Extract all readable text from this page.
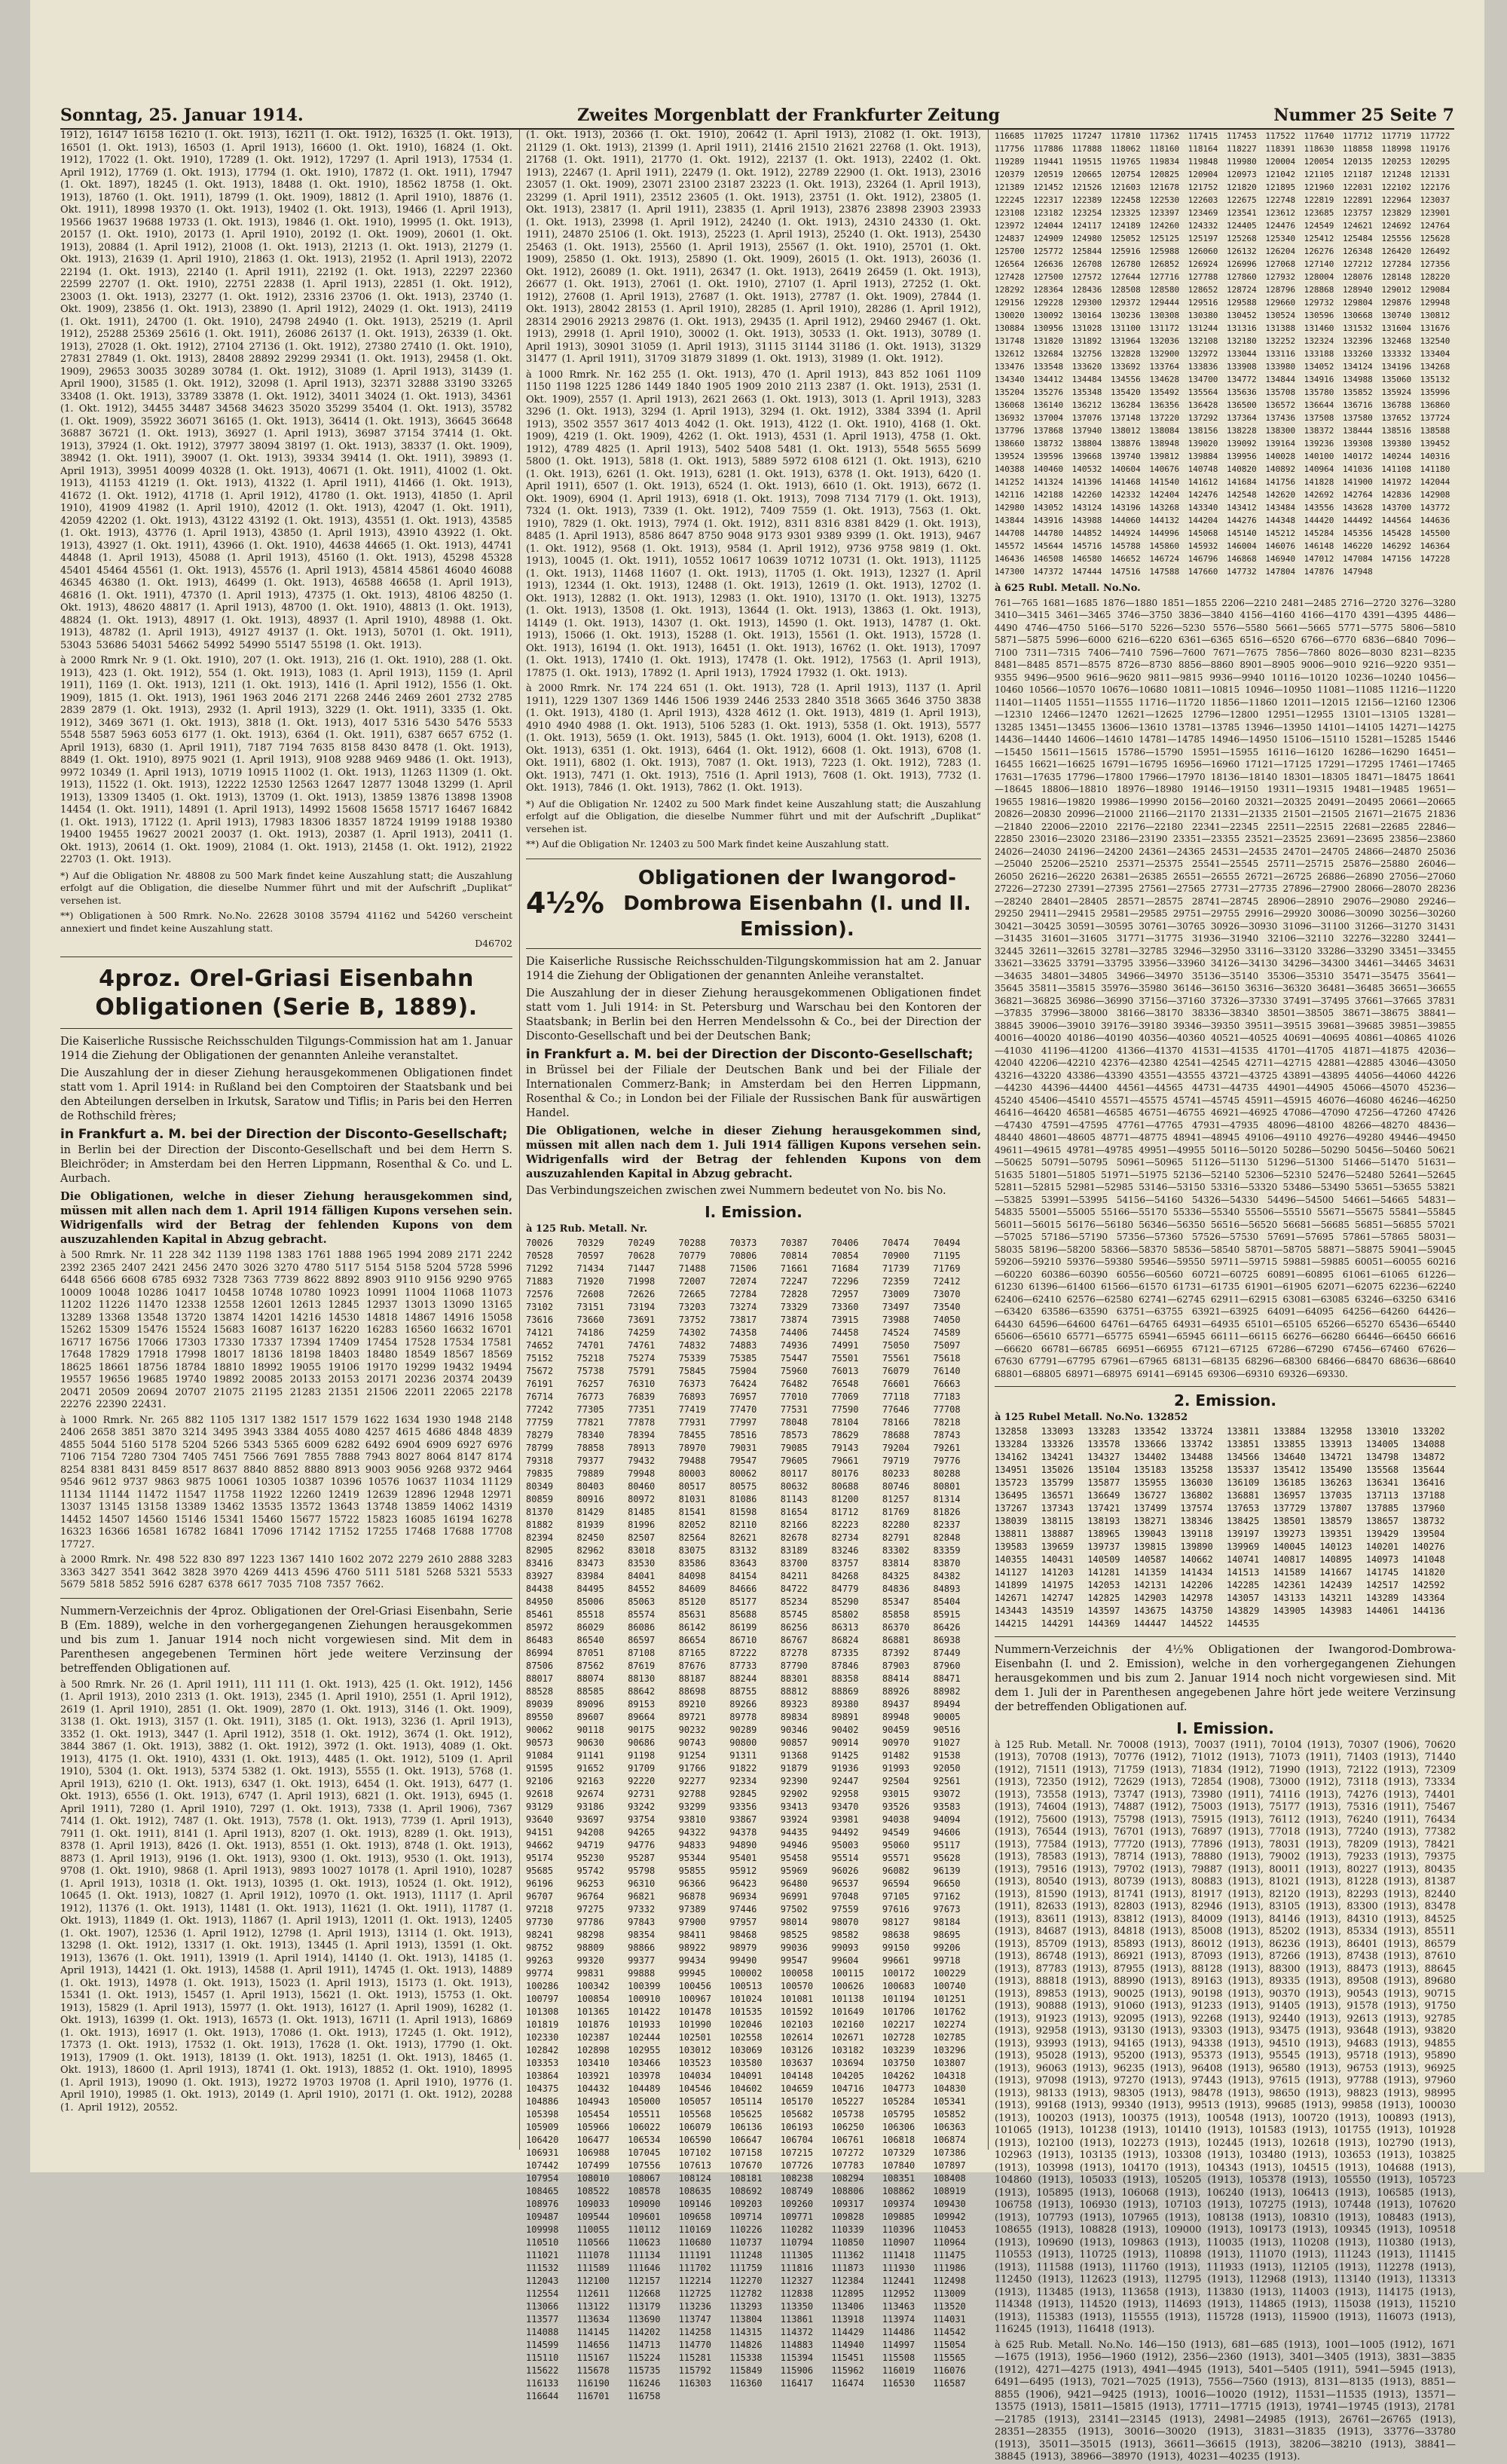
Sonntag, 25. Januar 1914.	Zweites Morgenblatt der Frankfurter Zeitung	Nummer 25 Seite 7

1912), 16147 16158 16210 (1. Okt. 1913), 16211 (1. Okt. 1912), 16325 (1. Okt. 1913), 16501 (1. Okt. 1913), 16503 (1. April 1913), 16600 (1. Okt. 1910), 16824 (1. Okt. 1912), 17022 (1. Okt. 1910), 17289 (1. Okt. 1912), 17297 (1. April 1913), 17534 (1. April 1912), 17769 (1. Okt. 1913), 17794 (1. Okt. 1910), 17872 (1. Okt. 1911), 17947 (1. Okt. 1897), 18245 (1. Okt. 1913), 18488 (1. Okt. 1910), 18562 18758 (1. Okt. 1913), 18760 (1. Okt. 1911), 18799 (1. Okt. 1909), 18812 (1. April 1910), 18876 (1. Okt. 1911), 18998 19370 (1. Okt. 1913), 19402 (1. Okt. 1913), 19466 (1. April 1913), 19566 19637 19688 19733 (1. Okt. 1913), 19846 (1. Okt. 1910), 19995 (1. Okt. 1913), 20157 (1. Okt. 1910), 20173 (1. April 1910), 20192 (1. Okt. 1909), 20601 (1. Okt. 1913), 20884 (1. April 1912), 21008 (1. Okt. 1913), 21213 (1. Okt. 1913), 21279 (1. Okt. 1913), 21639 (1. April 1910), 21863 (1. Okt. 1913), 21952 (1. April 1913), 22072 22194 (1. Okt. 1913), 22140 (1. April 1911), 22192 (1. Okt. 1913), 22297 22360 22599 22707 (1. Okt. 1910), 22751 22838 (1. April 1913), 22851 (1. Okt. 1912), 23003 (1. Okt. 1913), 23277 (1. Okt. 1912), 23316 23706 (1. Okt. 1913), 23740 (1. Okt. 1909), 23856 (1. Okt. 1913), 23890 (1. April 1912), 24029 (1. Okt. 1913), 24119 (1. Okt. 1911), 24700 (1. Okt. 1910), 24798 24940 (1. Okt. 1913), 25219 (1. April 1912), 25288 25369 25616 (1. Okt. 1911), 26086 26137 (1. Okt. 1913), 26339 (1. Okt. 1913), 27028 (1. Okt. 1912), 27104 27136 (1. Okt. 1912), 27380 27410 (1. Okt. 1910), 27831 27849 (1. Okt. 1913), 28408 28892 29299 29341 (1. Okt. 1913), 29458 (1. Okt. 1909), 29653 30035 30289 30784 (1. Okt. 1912), 31089 (1. April 1913), 31439 (1. April 1900), 31585 (1. Okt. 1912), 32098 (1. April 1913), 32371 32888 33190 33265 33408 (1. Okt. 1913), 33789 33878 (1. Okt. 1912), 34011 34024 (1. Okt. 1913), 34361 (1. Okt. 1912), 34455 34487 34568 34623 35020 35299 35404 (1. Okt. 1913), 35782 (1. Okt. 1909), 35922 36071 36165 (1. Okt. 1913), 36414 (1. Okt. 1913), 36645 36648 36887 36721 (1. Okt. 1913), 36927 (1. April 1913), 36987 37154 37414 (1. Okt. 1913), 37924 (1. Okt. 1912), 37977 38094 38197 (1. Okt. 1913), 38337 (1. Okt. 1909), 38942 (1. Okt. 1911), 39007 (1. Okt. 1913), 39334 39414 (1. Okt. 1911), 39893 (1. April 1913), 39951 40099 40328 (1. Okt. 1913), 40671 (1. Okt. 1911), 41002 (1. Okt. 1913), 41153 41219 (1. Okt. 1913), 41322 (1. April 1911), 41466 (1. Okt. 1913), 41672 (1. Okt. 1912), 41718 (1. April 1912), 41780 (1. Okt. 1913), 41850 (1. April 1910), 41909 41982 (1. April 1910), 42012 (1. Okt. 1913), 42047 (1. Okt. 1911), 42059 42202 (1. Okt. 1913), 43122 43192 (1. Okt. 1913), 43551 (1. Okt. 1913), 43585 (1. Okt. 1913), 43776 (1. April 1913), 43850 (1. April 1913), 43910 43922 (1. Okt. 1913), 43927 (1. Okt. 1911), 43966 (1. Okt. 1910), 44638 44665 (1. Okt. 1913), 44741 44848 (1. April 1913), 45088 (1. April 1913), 45160 (1. Okt. 1913), 45298 45328 45401 45464 45561 (1. Okt. 1913), 45576 (1. April 1913), 45814 45861 46040 46088 46345 46380 (1. Okt. 1913), 46499 (1. Okt. 1913), 46588 46658 (1. April 1913), 46816 (1. Okt. 1911), 47370 (1. April 1913), 47375 (1. Okt. 1913), 48106 48250 (1. Okt. 1913), 48620 48817 (1. April 1913), 48700 (1. Okt. 1910), 48813 (1. Okt. 1913), 48824 (1. Okt. 1913), 48917 (1. Okt. 1913), 48937 (1. April 1910), 48988 (1. Okt. 1913), 48782 (1. April 1913), 49127 49137 (1. Okt. 1913), 50701 (1. Okt. 1911), 53043 53686 54031 54662 54992 54990 55147 55198 (1. Okt. 1913).

à 2000 Rmrk Nr. 9 (1. Okt. 1910), 207 (1. Okt. 1913), 216 (1. Okt. 1910), 288 (1. Okt. 1913), 423 (1. Okt. 1912), 554 (1. Okt. 1913), 1083 (1. April 1913), 1159 (1. April 1911), 1169 (1. Okt. 1913), 1211 (1. Okt. 1913), 1416 (1. April 1912), 1556 (1. Okt. 1909), 1815 (1. Okt. 1913), 1961 1963 2046 2171 2268 2446 2469 2601 2732 2785 2839 2879 (1. Okt. 1913), 2932 (1. April 1913), 3229 (1. Okt. 1911), 3335 (1. Okt. 1912), 3469 3671 (1. Okt. 1913), 3818 (1. Okt. 1913), 4017 5316 5430 5476 5533 5548 5587 5963 6053 6177 (1. Okt. 1913), 6364 (1. Okt. 1911), 6387 6657 6752 (1. April 1913), 6830 (1. April 1911), 7187 7194 7635 8158 8430 8478 (1. Okt. 1913), 8849 (1. Okt. 1910), 8975 9021 (1. April 1913), 9108 9288 9469 9486 (1. Okt. 1913), 9972 10349 (1. April 1913), 10719 10915 11002 (1. Okt. 1913), 11263 11309 (1. Okt. 1913), 11522 (1. Okt. 1913), 12222 12530 12563 12647 12877 13048 13299 (1. April 1913), 13309 13405 (1. Okt. 1913), 13709 (1. Okt. 1913), 13859 13876 13898 13908 14454 (1. Okt. 1911), 14891 (1. April 1913), 14992 15608 15658 15717 16467 16842 (1. Okt. 1913), 17122 (1. April 1913), 17983 18306 18357 18724 19199 19188 19380 19400 19455 19627 20021 20037 (1. Okt. 1913), 20387 (1. April 1913), 20411 (1. Okt. 1913), 20614 (1. Okt. 1909), 21084 (1. Okt. 1913), 21458 (1. Okt. 1912), 21922 22703 (1. Okt. 1913).

*) Auf die Obligation Nr. 48808 zu 500 Mark findet keine Auszahlung statt; die Auszahlung erfolgt auf die Obligation, die dieselbe Nummer führt und mit der Aufschrift „Duplikat“ versehen ist.

**) Obligationen à 500 Rmrk. No.No. 22628 30108 35794 41162 und 54260 verscheint annexiert und findet keine Auszahlung statt.

D46702

4proz. Orel-Griasi Eisenbahn Obligationen (Serie B, 1889).

Die Kaiserliche Russische Reichsschulden Tilgungs-Commission hat am 1. Januar 1914 die Ziehung der Obligationen der genannten Anleihe veranstaltet.

Die Auszahlung der in dieser Ziehung herausgekommenen Obligationen findet statt vom 1. April 1914: in Rußland bei den Comptoiren der Staatsbank und bei den Abteilungen derselben in Irkutsk, Saratow und Tiflis; in Paris bei den Herren de Rothschild frères;

in Frankfurt a. M. bei der Direction der Disconto-Gesellschaft;

in Berlin bei der Direction der Disconto-Gesellschaft und bei dem Herrn S. Bleichröder; in Amsterdam bei den Herren Lippmann, Rosenthal & Co. und L. Aurbach.

Die Obligationen, welche in dieser Ziehung herausgekommen sind, müssen mit allen nach dem 1. April 1914 fälligen Kupons versehen sein. Widrigenfalls wird der Betrag der fehlenden Kupons von dem auszuzahlenden Kapital in Abzug gebracht.

à 500 Rmrk. Nr. 11 228 342 1139 1198 1383 1761 1888 1965 1994 2089 2171 2242 2392 2365 2407 2421 2456 2470 3026 3270 4780 5117 5154 5158 5204 5728 5996 6448 6566 6608 6785 6932 7328 7363 7739 8622 8892 8903 9110 9156 9290 9765 10009 10048 10286 10417 10458 10748 10780 10923 10991 11004 11068 11073 11202 11226 11470 12338 12558 12601 12613 12845 12937 13013 13090 13165 13289 13368 13548 13720 13874 14201 14216 14530 14818 14867 14916 15058 15262 15309 15476 15524 15683 16087 16137 16220 16283 16560 16632 16701 16717 16756 17066 17303 17330 17337 17394 17409 17454 17528 17534 17581 17648 17829 17918 17998 18017 18136 18198 18403 18480 18549 18567 18569 18625 18661 18756 18784 18810 18992 19055 19106 19170 19299 19432 19494 19557 19656 19685 19740 19892 20085 20133 20153 20171 20236 20374 20439 20471 20509 20694 20707 21075 21195 21283 21351 21506 22011 22065 22178 22276 22390 22431.

à 1000 Rmrk. Nr. 265 882 1105 1317 1382 1517 1579 1622 1634 1930 1948 2148 2406 2658 3851 3870 3214 3495 3943 3384 4055 4080 4257 4615 4686 4848 4839 4855 5044 5160 5178 5204 5266 5343 5365 6009 6282 6492 6904 6909 6927 6976 7106 7154 7280 7304 7405 7451 7566 7691 7855 7888 7943 8027 8064 8147 8174 8254 8381 8431 8459 8517 8637 8840 8852 8880 8913 9003 9056 9268 9372 9464 9546 9612 9737 9863 9875 10061 10305 10387 10396 10576 10637 11034 11129 11134 11144 11472 11547 11758 11922 12260 12419 12639 12896 12948 12971 13037 13145 13158 13389 13462 13535 13572 13643 13748 13859 14062 14319 14452 14507 14560 15146 15341 15460 15677 15722 15823 16085 16194 16278 16323 16366 16581 16782 16841 17096 17142 17152 17255 17468 17688 17708 17727.

à 2000 Rmrk. Nr. 498 522 830 897 1223 1367 1410 1602 2072 2279 2610 2888 3283 3363 3427 3541 3642 3828 3970 4269 4413 4596 4760 5111 5181 5268 5321 5533 5679 5818 5852 5916 6287 6378 6617 7035 7108 7357 7662.

Nummern-Verzeichnis der 4proz. Obligationen der Orel-Griasi Eisenbahn, Serie B (Em. 1889), welche in den vorhergegangenen Ziehungen herausgekommen und bis zum 1. Januar 1914 noch nicht vorgewiesen sind. Mit dem in Parenthesen angegebenen Terminen hört jede weitere Verzinsung der betreffenden Obligationen auf.

à 500 Rmrk. Nr. 26 (1. April 1911), 111 111 (1. Okt. 1913), 425 (1. Okt. 1912), 1456 (1. April 1913), 2010 2313 (1. Okt. 1913), 2345 (1. April 1910), 2551 (1. April 1912), 2619 (1. April 1910), 2851 (1. Okt. 1909), 2870 (1. Okt. 1913), 3146 (1. Okt. 1909), 3138 (1. Okt. 1913), 3157 (1. Okt. 1911), 3185 (1. Okt. 1913), 3236 (1. April 1913), 3352 (1. Okt. 1913), 3447 (1. April 1912), 3518 (1. Okt. 1912), 3674 (1. Okt. 1912), 3844 3867 (1. Okt. 1913), 3882 (1. Okt. 1912), 3972 (1. Okt. 1913), 4089 (1. Okt. 1913), 4175 (1. Okt. 1910), 4331 (1. Okt. 1913), 4485 (1. Okt. 1912), 5109 (1. April 1910), 5304 (1. Okt. 1913), 5374 5382 (1. Okt. 1913), 5555 (1. Okt. 1913), 5768 (1. April 1913), 6210 (1. Okt. 1913), 6347 (1. Okt. 1913), 6454 (1. Okt. 1913), 6477 (1. Okt. 1913), 6556 (1. Okt. 1913), 6747 (1. April 1913), 6821 (1. Okt. 1913), 6945 (1. April 1911), 7280 (1. April 1910), 7297 (1. Okt. 1913), 7338 (1. April 1906), 7367 7414 (1. Okt. 1912), 7487 (1. Okt. 1913), 7578 (1. Okt. 1913), 7739 (1. April 1913), 7911 (1. Okt. 1911), 8141 (1. April 1913), 8207 (1. Okt. 1913), 8289 (1. Okt. 1913), 8378 (1. April 1913), 8426 (1. Okt. 1913), 8551 (1. Okt. 1913), 8748 (1. Okt. 1913), 8873 (1. April 1913), 9196 (1. Okt. 1913), 9300 (1. Okt. 1913), 9530 (1. Okt. 1913), 9708 (1. Okt. 1910), 9868 (1. April 1913), 9893 10027 10178 (1. April 1910), 10287 (1. April 1913), 10318 (1. Okt. 1913), 10395 (1. Okt. 1913), 10524 (1. Okt. 1912), 10645 (1. Okt. 1913), 10827 (1. April 1912), 10970 (1. Okt. 1913), 11117 (1. April 1912), 11376 (1. Okt. 1913), 11481 (1. Okt. 1913), 11621 (1. Okt. 1911), 11787 (1. Okt. 1913), 11849 (1. Okt. 1913), 11867 (1. April 1913), 12011 (1. Okt. 1913), 12405 (1. Okt. 1907), 12536 (1. April 1912), 12798 (1. April 1913), 13114 (1. Okt. 1913), 13298 (1. Okt. 1912), 13317 (1. Okt. 1913), 13445 (1. April 1913), 13591 (1. Okt. 1913), 13676 (1. Okt. 1911), 13919 (1. April 1914), 14140 (1. Okt. 1913), 14185 (1. April 1913), 14421 (1. Okt. 1913), 14588 (1. April 1911), 14745 (1. Okt. 1913), 14889 (1. Okt. 1913), 14978 (1. Okt. 1913), 15023 (1. April 1913), 15173 (1. Okt. 1913), 15341 (1. Okt. 1913), 15457 (1. April 1913), 15621 (1. Okt. 1913), 15753 (1. Okt. 1913), 15829 (1. April 1913), 15977 (1. Okt. 1913), 16127 (1. April 1909), 16282 (1. Okt. 1913), 16399 (1. Okt. 1913), 16573 (1. Okt. 1913), 16711 (1. April 1913), 16869 (1. Okt. 1913), 16917 (1. Okt. 1913), 17086 (1. Okt. 1913), 17245 (1. Okt. 1912), 17373 (1. Okt. 1913), 17532 (1. Okt. 1913), 17628 (1. Okt. 1913), 17790 (1. Okt. 1913), 17909 (1. Okt. 1913), 18139 (1. Okt. 1913), 18251 (1. Okt. 1913), 18465 (1. Okt. 1913), 18600 (1. April 1913), 18741 (1. Okt. 1913), 18852 (1. Okt. 1910), 18995 (1. April 1913), 19090 (1. Okt. 1913), 19272 19703 19708 (1. April 1910), 19776 (1. April 1910), 19985 (1. Okt. 1913), 20149 (1. April 1910), 20171 (1. Okt. 1912), 20288 (1. April 1912), 20552.

(1. Okt. 1913), 20366 (1. Okt. 1910), 20642 (1. April 1913), 21082 (1. Okt. 1913), 21129 (1. Okt. 1913), 21399 (1. April 1911), 21416 21510 21621 22768 (1. Okt. 1913), 21768 (1. Okt. 1911), 21770 (1. Okt. 1912), 22137 (1. Okt. 1913), 22402 (1. Okt. 1913), 22467 (1. April 1911), 22479 (1. Okt. 1912), 22789 22900 (1. Okt. 1913), 23016 23057 (1. Okt. 1909), 23071 23100 23187 23223 (1. Okt. 1913), 23264 (1. April 1913), 23299 (1. April 1911), 23512 23605 (1. Okt. 1913), 23751 (1. Okt. 1912), 23805 (1. Okt. 1913), 23817 (1. April 1911), 23835 (1. April 1913), 23876 23898 23903 23933 (1. Okt. 1913), 23998 (1. April 1912), 24240 (1. Okt. 1913), 24310 24330 (1. Okt. 1911), 24870 25106 (1. Okt. 1913), 25223 (1. April 1913), 25240 (1. Okt. 1913), 25430 25463 (1. Okt. 1913), 25560 (1. April 1913), 25567 (1. Okt. 1910), 25701 (1. Okt. 1909), 25850 (1. Okt. 1913), 25890 (1. Okt. 1909), 26015 (1. Okt. 1913), 26036 (1. Okt. 1912), 26089 (1. Okt. 1911), 26347 (1. Okt. 1913), 26419 26459 (1. Okt. 1913), 26677 (1. Okt. 1913), 27061 (1. Okt. 1910), 27107 (1. April 1913), 27252 (1. Okt. 1912), 27608 (1. April 1913), 27687 (1. Okt. 1913), 27787 (1. Okt. 1909), 27844 (1. Okt. 1913), 28042 28153 (1. April 1910), 28285 (1. April 1910), 28286 (1. April 1912), 28314 29016 29213 29876 (1. Okt. 1913), 29435 (1. April 1912), 29460 29467 (1. Okt. 1913), 29918 (1. April 1910), 30002 (1. Okt. 1913), 30533 (1. Okt. 1913), 30789 (1. April 1913), 30901 31059 (1. April 1913), 31115 31144 31186 (1. Okt. 1913), 31329 31477 (1. April 1911), 31709 31879 31899 (1. Okt. 1913), 31989 (1. Okt. 1912).

à 1000 Rmrk. Nr. 162 255 (1. Okt. 1913), 470 (1. April 1913), 843 852 1061 1109 1150 1198 1225 1286 1449 1840 1905 1909 2010 2113 2387 (1. Okt. 1913), 2531 (1. Okt. 1909), 2557 (1. April 1913), 2621 2663 (1. Okt. 1913), 3013 (1. April 1913), 3283 3296 (1. Okt. 1913), 3294 (1. April 1913), 3294 (1. Okt. 1912), 3384 3394 (1. April 1913), 3502 3557 3617 4013 4042 (1. Okt. 1913), 4122 (1. Okt. 1910), 4168 (1. Okt. 1909), 4219 (1. Okt. 1909), 4262 (1. Okt. 1913), 4531 (1. April 1913), 4758 (1. Okt. 1912), 4789 4825 (1. April 1913), 5402 5408 5481 (1. Okt. 1913), 5548 5655 5699 5800 (1. Okt. 1913), 5818 (1. Okt. 1913), 5889 5972 6108 6121 (1. Okt. 1913), 6210 (1. Okt. 1913), 6261 (1. Okt. 1913), 6281 (1. Okt. 1913), 6378 (1. Okt. 1913), 6420 (1. April 1911), 6507 (1. Okt. 1913), 6524 (1. Okt. 1913), 6610 (1. Okt. 1913), 6672 (1. Okt. 1909), 6904 (1. April 1913), 6918 (1. Okt. 1913), 7098 7134 7179 (1. Okt. 1913), 7324 (1. Okt. 1913), 7339 (1. Okt. 1912), 7409 7559 (1. Okt. 1913), 7563 (1. Okt. 1910), 7829 (1. Okt. 1913), 7974 (1. Okt. 1912), 8311 8316 8381 8429 (1. Okt. 1913), 8485 (1. April 1913), 8586 8647 8750 9048 9173 9301 9389 9399 (1. Okt. 1913), 9467 (1. Okt. 1912), 9568 (1. Okt. 1913), 9584 (1. April 1912), 9736 9758 9819 (1. Okt. 1913), 10045 (1. Okt. 1911), 10552 10617 10639 10712 10731 (1. Okt. 1913), 11125 (1. Okt. 1913), 11468 11607 (1. Okt. 1913), 11705 (1. Okt. 1913), 12327 (1. April 1913), 12344 (1. Okt. 1913), 12488 (1. Okt. 1913), 12619 (1. Okt. 1913), 12702 (1. Okt. 1913), 12882 (1. Okt. 1913), 12983 (1. Okt. 1910), 13170 (1. Okt. 1913), 13275 (1. Okt. 1913), 13508 (1. Okt. 1913), 13644 (1. Okt. 1913), 13863 (1. Okt. 1913), 14149 (1. Okt. 1913), 14307 (1. Okt. 1913), 14590 (1. Okt. 1913), 14787 (1. Okt. 1913), 15066 (1. Okt. 1913), 15288 (1. Okt. 1913), 15561 (1. Okt. 1913), 15728 (1. Okt. 1913), 16194 (1. Okt. 1913), 16451 (1. Okt. 1913), 16762 (1. Okt. 1913), 17097 (1. Okt. 1913), 17410 (1. Okt. 1913), 17478 (1. Okt. 1912), 17563 (1. April 1913), 17875 (1. Okt. 1913), 17892 (1. April 1913), 17924 17932 (1. Okt. 1913).

à 2000 Rmrk. Nr. 174 224 651 (1. Okt. 1913), 728 (1. April 1913), 1137 (1. April 1911), 1229 1307 1369 1446 1506 1939 2446 2533 2840 3518 3665 3646 3750 3838 (1. Okt. 1913), 4180 (1. April 1913), 4328 4612 (1. Okt. 1913), 4819 (1. April 1913), 4910 4940 4988 (1. Okt. 1913), 5106 5283 (1. Okt. 1913), 5358 (1. Okt. 1913), 5577 (1. Okt. 1913), 5659 (1. Okt. 1913), 5845 (1. Okt. 1913), 6004 (1. Okt. 1913), 6208 (1. Okt. 1913), 6351 (1. Okt. 1913), 6464 (1. Okt. 1912), 6608 (1. Okt. 1913), 6708 (1. Okt. 1911), 6802 (1. Okt. 1913), 7087 (1. Okt. 1913), 7223 (1. Okt. 1912), 7283 (1. Okt. 1913), 7471 (1. Okt. 1913), 7516 (1. April 1913), 7608 (1. Okt. 1913), 7732 (1. Okt. 1913), 7846 (1. Okt. 1913), 7862 (1. Okt. 1913).

*) Auf die Obligation Nr. 12402 zu 500 Mark findet keine Auszahlung statt; die Auszahlung erfolgt auf die Obligation, die dieselbe Nummer führt und mit der Aufschrift „Duplikat“ versehen ist.

**) Auf die Obligation Nr. 12403 zu 500 Mark findet keine Auszahlung statt.

4½%
Obligationen der Iwangorod-Dombrowa Eisenbahn (I. und II. Emission).

Die Kaiserliche Russische Reichsschulden-Tilgungskommission hat am 2. Januar 1914 die Ziehung der Obligationen der genannten Anleihe veranstaltet.

Die Auszahlung der in dieser Ziehung herausgekommenen Obligationen findet statt vom 1. Juli 1914: in St. Petersburg und Warschau bei den Kontoren der Staatsbank; in Berlin bei den Herren Mendelssohn & Co., bei der Direction der Disconto-Gesellschaft und bei der Deutschen Bank;

in Frankfurt a. M. bei der Direction der Disconto-Gesellschaft;

in Brüssel bei der Filiale der Deutschen Bank und bei der Filiale der Internationalen Commerz-Bank; in Amsterdam bei den Herren Lippmann, Rosenthal & Co.; in London bei der Filiale der Russischen Bank für auswärtigen Handel.

Die Obligationen, welche in dieser Ziehung herausgekommen sind, müssen mit allen nach dem 1. Juli 1914 fälligen Kupons versehen sein. Widrigenfalls wird der Betrag der fehlenden Kupons von dem auszuzahlenden Kapital in Abzug gebracht.

Das Verbindungszeichen zwischen zwei Nummern bedeutet von No. bis No.

I. Emission.
à 125 Rub. Metall. Nr.
70026	70329	70249	70288	70373	70387	70406	70474	70494
70528	70597	70628	70779	70806	70814	70854	70900	71195
71292	71434	71447	71488	71506	71661	71684	71739	71769
71883	71920	71998	72007	72074	72247	72296	72359	72412
72576	72608	72626	72665	72784	72828	72957	73009	73070
73102	73151	73194	73203	73274	73329	73360	73497	73540
73616	73660	73691	73752	73817	73874	73915	73988	74050
74121	74186	74259	74302	74358	74406	74458	74524	74589
74652	74701	74761	74832	74883	74936	74991	75050	75097
75152	75218	75274	75339	75385	75447	75501	75561	75618
75672	75738	75791	75845	75904	75960	76013	76079	76140
76191	76257	76310	76373	76424	76482	76548	76601	76663
76714	76773	76839	76893	76957	77010	77069	77118	77183
77242	77305	77351	77419	77470	77531	77590	77646	77708
77759	77821	77878	77931	77997	78048	78104	78166	78218
78279	78340	78394	78455	78516	78573	78629	78688	78743
78799	78858	78913	78970	79031	79085	79143	79204	79261
79318	79377	79432	79488	79547	79605	79661	79719	79776
79835	79889	79948	80003	80062	80117	80176	80233	80288
80349	80403	80460	80517	80575	80632	80688	80746	80801
80859	80916	80972	81031	81086	81143	81200	81257	81314
81370	81429	81485	81541	81598	81654	81712	81769	81826
81882	81939	81996	82052	82110	82166	82223	82280	82337
82394	82450	82507	82564	82621	82678	82734	82791	82848
82905	82962	83018	83075	83132	83189	83246	83302	83359
83416	83473	83530	83586	83643	83700	83757	83814	83870
83927	83984	84041	84098	84154	84211	84268	84325	84382
84438	84495	84552	84609	84666	84722	84779	84836	84893
84950	85006	85063	85120	85177	85234	85290	85347	85404
85461	85518	85574	85631	85688	85745	85802	85858	85915
85972	86029	86086	86142	86199	86256	86313	86370	86426
86483	86540	86597	86654	86710	86767	86824	86881	86938
86994	87051	87108	87165	87222	87278	87335	87392	87449
87506	87562	87619	87676	87733	87790	87846	87903	87960
88017	88074	88130	88187	88244	88301	88358	88414	88471
88528	88585	88642	88698	88755	88812	88869	88926	88982
89039	89096	89153	89210	89266	89323	89380	89437	89494
89550	89607	89664	89721	89778	89834	89891	89948	90005
90062	90118	90175	90232	90289	90346	90402	90459	90516
90573	90630	90686	90743	90800	90857	90914	90970	91027
91084	91141	91198	91254	91311	91368	91425	91482	91538
91595	91652	91709	91766	91822	91879	91936	91993	92050
92106	92163	92220	92277	92334	92390	92447	92504	92561
92618	92674	92731	92788	92845	92902	92958	93015	93072
93129	93186	93242	93299	93356	93413	93470	93526	93583
93640	93697	93754	93810	93867	93924	93981	94038	94094
94151	94208	94265	94322	94378	94435	94492	94549	94606
94662	94719	94776	94833	94890	94946	95003	95060	95117
95174	95230	95287	95344	95401	95458	95514	95571	95628
95685	95742	95798	95855	95912	95969	96026	96082	96139
96196	96253	96310	96366	96423	96480	96537	96594	96650
96707	96764	96821	96878	96934	96991	97048	97105	97162
97218	97275	97332	97389	97446	97502	97559	97616	97673
97730	97786	97843	97900	97957	98014	98070	98127	98184
98241	98298	98354	98411	98468	98525	98582	98638	98695
98752	98809	98866	98922	98979	99036	99093	99150	99206
99263	99320	99377	99434	99490	99547	99604	99661	99718
99774	99831	99888	99945	100002	100058	100115	100172	100229
100286	100342	100399	100456	100513	100570	100626	100683	100740
100797	100854	100910	100967	101024	101081	101138	101194	101251
101308	101365	101422	101478	101535	101592	101649	101706	101762
101819	101876	101933	101990	102046	102103	102160	102217	102274
102330	102387	102444	102501	102558	102614	102671	102728	102785
102842	102898	102955	103012	103069	103126	103182	103239	103296
103353	103410	103466	103523	103580	103637	103694	103750	103807
103864	103921	103978	104034	104091	104148	104205	104262	104318
104375	104432	104489	104546	104602	104659	104716	104773	104830
104886	104943	105000	105057	105114	105170	105227	105284	105341
105398	105454	105511	105568	105625	105682	105738	105795	105852
105909	105966	106022	106079	106136	106193	106250	106306	106363
106420	106477	106534	106590	106647	106704	106761	106818	106874
106931	106988	107045	107102	107158	107215	107272	107329	107386
107442	107499	107556	107613	107670	107726	107783	107840	107897
107954	108010	108067	108124	108181	108238	108294	108351	108408
108465	108522	108578	108635	108692	108749	108806	108862	108919
108976	109033	109090	109146	109203	109260	109317	109374	109430
109487	109544	109601	109658	109714	109771	109828	109885	109942
109998	110055	110112	110169	110226	110282	110339	110396	110453
110510	110566	110623	110680	110737	110794	110850	110907	110964
111021	111078	111134	111191	111248	111305	111362	111418	111475
111532	111589	111646	111702	111759	111816	111873	111930	111986
112043	112100	112157	112214	112270	112327	112384	112441	112498
112554	112611	112668	112725	112782	112838	112895	112952	113009
113066	113122	113179	113236	113293	113350	113406	113463	113520
113577	113634	113690	113747	113804	113861	113918	113974	114031
114088	114145	114202	114258	114315	114372	114429	114486	114542
114599	114656	114713	114770	114826	114883	114940	114997	115054
115110	115167	115224	115281	115338	115394	115451	115508	115565
115622	115678	115735	115792	115849	115906	115962	116019	116076
116133	116190	116246	116303	116360	116417	116474	116530	116587
116644	116701	116758
116685	117025	117247	117810	117362	117415	117453	117522	117640	117712	117719	117722
117756	117886	117888	118062	118160	118164	118227	118391	118630	118858	118998	119176
119289	119441	119515	119765	119834	119848	119980	120004	120054	120135	120253	120295
120379	120519	120665	120754	120825	120904	120973	121042	121105	121187	121248	121331
121389	121452	121526	121603	121678	121752	121820	121895	121960	122031	122102	122176
122245	122317	122389	122458	122530	122603	122675	122748	122819	122891	122964	123037
123108	123182	123254	123325	123397	123469	123541	123612	123685	123757	123829	123901
123972	124044	124117	124189	124260	124332	124405	124476	124549	124621	124692	124764
124837	124909	124980	125052	125125	125197	125268	125340	125412	125484	125556	125628
125700	125772	125844	125916	125988	126060	126132	126204	126276	126348	126420	126492
126564	126636	126708	126780	126852	126924	126996	127068	127140	127212	127284	127356
127428	127500	127572	127644	127716	127788	127860	127932	128004	128076	128148	128220
128292	128364	128436	128508	128580	128652	128724	128796	128868	128940	129012	129084
129156	129228	129300	129372	129444	129516	129588	129660	129732	129804	129876	129948
130020	130092	130164	130236	130308	130380	130452	130524	130596	130668	130740	130812
130884	130956	131028	131100	131172	131244	131316	131388	131460	131532	131604	131676
131748	131820	131892	131964	132036	132108	132180	132252	132324	132396	132468	132540
132612	132684	132756	132828	132900	132972	133044	133116	133188	133260	133332	133404
133476	133548	133620	133692	133764	133836	133908	133980	134052	134124	134196	134268
134340	134412	134484	134556	134628	134700	134772	134844	134916	134988	135060	135132
135204	135276	135348	135420	135492	135564	135636	135708	135780	135852	135924	135996
136068	136140	136212	136284	136356	136428	136500	136572	136644	136716	136788	136860
136932	137004	137076	137148	137220	137292	137364	137436	137508	137580	137652	137724
137796	137868	137940	138012	138084	138156	138228	138300	138372	138444	138516	138588
138660	138732	138804	138876	138948	139020	139092	139164	139236	139308	139380	139452
139524	139596	139668	139740	139812	139884	139956	140028	140100	140172	140244	140316
140388	140460	140532	140604	140676	140748	140820	140892	140964	141036	141108	141180
141252	141324	141396	141468	141540	141612	141684	141756	141828	141900	141972	142044
142116	142188	142260	142332	142404	142476	142548	142620	142692	142764	142836	142908
142980	143052	143124	143196	143268	143340	143412	143484	143556	143628	143700	143772
143844	143916	143988	144060	144132	144204	144276	144348	144420	144492	144564	144636
144708	144780	144852	144924	144996	145068	145140	145212	145284	145356	145428	145500
145572	145644	145716	145788	145860	145932	146004	146076	146148	146220	146292	146364
146436	146508	146580	146652	146724	146796	146868	146940	147012	147084	147156	147228
147300	147372	147444	147516	147588	147660	147732	147804	147876	147948
à 625 Rubl. Metall. No.No.

761—765 1681—1685 1876—1880 1851—1855 2206—2210 2481—2485 2716—2720 3276—3280 3410—3415 3461—3465 3746—3750 3836—3840 4156—4160 4166—4170 4391—4395 4486—4490 4746—4750 5166—5170 5226—5230 5576—5580 5661—5665 5771—5775 5806—5810 5871—5875 5996—6000 6216—6220 6361—6365 6516—6520 6766—6770 6836—6840 7096—7100 7311—7315 7406—7410 7596—7600 7671—7675 7856—7860 8026—8030 8231—8235 8481—8485 8571—8575 8726—8730 8856—8860 8901—8905 9006—9010 9216—9220 9351—9355 9496—9500 9616—9620 9811—9815 9936—9940 10116—10120 10236—10240 10456—10460 10566—10570 10676—10680 10811—10815 10946—10950 11081—11085 11216—11220 11401—11405 11551—11555 11716—11720 11856—11860 12011—12015 12156—12160 12306—12310 12466—12470 12621—12625 12796—12800 12951—12955 13101—13105 13281—13285 13451—13455 13606—13610 13781—13785 13946—13950 14101—14105 14271—14275 14436—14440 14606—14610 14781—14785 14946—14950 15106—15110 15281—15285 15446—15450 15611—15615 15786—15790 15951—15955 16116—16120 16286—16290 16451—16455 16621—16625 16791—16795 16956—16960 17121—17125 17291—17295 17461—17465 17631—17635 17796—17800 17966—17970 18136—18140 18301—18305 18471—18475 18641—18645 18806—18810 18976—18980 19146—19150 19311—19315 19481—19485 19651—19655 19816—19820 19986—19990 20156—20160 20321—20325 20491—20495 20661—20665 20826—20830 20996—21000 21166—21170 21331—21335 21501—21505 21671—21675 21836—21840 22006—22010 22176—22180 22341—22345 22511—22515 22681—22685 22846—22850 23016—23020 23186—23190 23351—23355 23521—23525 23691—23695 23856—23860 24026—24030 24196—24200 24361—24365 24531—24535 24701—24705 24866—24870 25036—25040 25206—25210 25371—25375 25541—25545 25711—25715 25876—25880 26046—26050 26216—26220 26381—26385 26551—26555 26721—26725 26886—26890 27056—27060 27226—27230 27391—27395 27561—27565 27731—27735 27896—27900 28066—28070 28236—28240 28401—28405 28571—28575 28741—28745 28906—28910 29076—29080 29246—29250 29411—29415 29581—29585 29751—29755 29916—29920 30086—30090 30256—30260 30421—30425 30591—30595 30761—30765 30926—30930 31096—31100 31266—31270 31431—31435 31601—31605 31771—31775 31936—31940 32106—32110 32276—32280 32441—32445 32611—32615 32781—32785 32946—32950 33116—33120 33286—33290 33451—33455 33621—33625 33791—33795 33956—33960 34126—34130 34296—34300 34461—34465 34631—34635 34801—34805 34966—34970 35136—35140 35306—35310 35471—35475 35641—35645 35811—35815 35976—35980 36146—36150 36316—36320 36481—36485 36651—36655 36821—36825 36986—36990 37156—37160 37326—37330 37491—37495 37661—37665 37831—37835 37996—38000 38166—38170 38336—38340 38501—38505 38671—38675 38841—38845 39006—39010 39176—39180 39346—39350 39511—39515 39681—39685 39851—39855 40016—40020 40186—40190 40356—40360 40521—40525 40691—40695 40861—40865 41026—41030 41196—41200 41366—41370 41531—41535 41701—41705 41871—41875 42036—42040 42206—42210 42376—42380 42541—42545 42711—42715 42881—42885 43046—43050 43216—43220 43386—43390 43551—43555 43721—43725 43891—43895 44056—44060 44226—44230 44396—44400 44561—44565 44731—44735 44901—44905 45066—45070 45236—45240 45406—45410 45571—45575 45741—45745 45911—45915 46076—46080 46246—46250 46416—46420 46581—46585 46751—46755 46921—46925 47086—47090 47256—47260 47426—47430 47591—47595 47761—47765 47931—47935 48096—48100 48266—48270 48436—48440 48601—48605 48771—48775 48941—48945 49106—49110 49276—49280 49446—49450 49611—49615 49781—49785 49951—49955 50116—50120 50286—50290 50456—50460 50621—50625 50791—50795 50961—50965 51126—51130 51296—51300 51466—51470 51631—51635 51801—51805 51971—51975 52136—52140 52306—52310 52476—52480 52641—52645 52811—52815 52981—52985 53146—53150 53316—53320 53486—53490 53651—53655 53821—53825 53991—53995 54156—54160 54326—54330 54496—54500 54661—54665 54831—54835 55001—55005 55166—55170 55336—55340 55506—55510 55671—55675 55841—55845 56011—56015 56176—56180 56346—56350 56516—56520 56681—56685 56851—56855 57021—57025 57186—57190 57356—57360 57526—57530 57691—57695 57861—57865 58031—58035 58196—58200 58366—58370 58536—58540 58701—58705 58871—58875 59041—59045 59206—59210 59376—59380 59546—59550 59711—59715 59881—59885 60051—60055 60216—60220 60386—60390 60556—60560 60721—60725 60891—60895 61061—61065 61226—61230 61396—61400 61566—61570 61731—61735 61901—61905 62071—62075 62236—62240 62406—62410 62576—62580 62741—62745 62911—62915 63081—63085 63246—63250 63416—63420 63586—63590 63751—63755 63921—63925 64091—64095 64256—64260 64426—64430 64596—64600 64761—64765 64931—64935 65101—65105 65266—65270 65436—65440 65606—65610 65771—65775 65941—65945 66111—66115 66276—66280 66446—66450 66616—66620 66781—66785 66951—66955 67121—67125 67286—67290 67456—67460 67626—67630 67791—67795 67961—67965 68131—68135 68296—68300 68466—68470 68636—68640 68801—68805 68971—68975 69141—69145 69306—69310 69326—69330.

2. Emission.
à 125 Rubel Metall. No.No. 132852
132858	133093	133283	133542	133724	133811	133884	132958	133010	133202
133284	133326	133578	133666	133742	133851	133855	133913	134005	134088
134162	134241	134327	134402	134488	134566	134640	134721	134798	134872
134951	135026	135104	135183	135258	135337	135412	135490	135568	135644
135723	135799	135877	135955	136030	136109	136185	136263	136341	136416
136495	136571	136649	136727	136802	136881	136957	137035	137113	137188
137267	137343	137421	137499	137574	137653	137729	137807	137885	137960
138039	138115	138193	138271	138346	138425	138501	138579	138657	138732
138811	138887	138965	139043	139118	139197	139273	139351	139429	139504
139583	139659	139737	139815	139890	139969	140045	140123	140201	140276
140355	140431	140509	140587	140662	140741	140817	140895	140973	141048
141127	141203	141281	141359	141434	141513	141589	141667	141745	141820
141899	141975	142053	142131	142206	142285	142361	142439	142517	142592
142671	142747	142825	142903	142978	143057	143133	143211	143289	143364
143443	143519	143597	143675	143750	143829	143905	143983	144061	144136
144215	144291	144369	144447	144522	144535

Nummern-Verzeichnis der 4½% Obligationen der Iwangorod-Dombrowa-Eisenbahn (I. und 2. Emission), welche in den vorhergegangenen Ziehungen herausgekommen und bis zum 2. Januar 1914 noch nicht vorgewiesen sind. Mit dem 1. Juli der in Parenthesen angegebenen Jahre hört jede weitere Verzinsung der betreffenden Obligationen auf.

I. Emission.

à 125 Rub. Metall. Nr. 70008 (1913), 70037 (1911), 70104 (1913), 70307 (1906), 70620 (1913), 70708 (1913), 70776 (1912), 71012 (1913), 71073 (1911), 71403 (1913), 71440 (1912), 71511 (1913), 71759 (1913), 71834 (1912), 71990 (1913), 72122 (1913), 72309 (1913), 72350 (1912), 72629 (1913), 72854 (1908), 73000 (1912), 73118 (1913), 73334 (1913), 73558 (1913), 73747 (1913), 73980 (1911), 74116 (1913), 74276 (1913), 74401 (1913), 74604 (1913), 74887 (1912), 75003 (1913), 75177 (1913), 75316 (1911), 75467 (1912), 75600 (1913), 75798 (1913), 75915 (1913), 76112 (1913), 76240 (1911), 76434 (1913), 76544 (1913), 76701 (1913), 76897 (1913), 77018 (1913), 77240 (1913), 77382 (1913), 77584 (1913), 77720 (1913), 77896 (1913), 78031 (1913), 78209 (1913), 78421 (1913), 78583 (1913), 78714 (1913), 78880 (1913), 79002 (1913), 79233 (1913), 79375 (1913), 79516 (1913), 79702 (1913), 79887 (1913), 80011 (1913), 80227 (1913), 80435 (1913), 80540 (1913), 80739 (1913), 80883 (1913), 81021 (1913), 81228 (1913), 81387 (1913), 81590 (1913), 81741 (1913), 81917 (1913), 82120 (1913), 82293 (1913), 82440 (1911), 82633 (1913), 82803 (1913), 82946 (1913), 83105 (1913), 83300 (1913), 83478 (1913), 83611 (1913), 83812 (1913), 84009 (1913), 84146 (1913), 84310 (1913), 84525 (1913), 84687 (1913), 84818 (1913), 85008 (1913), 85202 (1913), 85334 (1913), 85511 (1913), 85709 (1913), 85893 (1913), 86012 (1913), 86236 (1913), 86401 (1913), 86579 (1913), 86748 (1913), 86921 (1913), 87093 (1913), 87266 (1913), 87438 (1913), 87610 (1913), 87783 (1913), 87955 (1913), 88128 (1913), 88300 (1913), 88473 (1913), 88645 (1913), 88818 (1913), 88990 (1913), 89163 (1913), 89335 (1913), 89508 (1913), 89680 (1913), 89853 (1913), 90025 (1913), 90198 (1913), 90370 (1913), 90543 (1913), 90715 (1913), 90888 (1913), 91060 (1913), 91233 (1913), 91405 (1913), 91578 (1913), 91750 (1913), 91923 (1913), 92095 (1913), 92268 (1913), 92440 (1913), 92613 (1913), 92785 (1913), 92958 (1913), 93130 (1913), 93303 (1913), 93475 (1913), 93648 (1913), 93820 (1913), 93993 (1913), 94165 (1913), 94338 (1913), 94510 (1913), 94683 (1913), 94855 (1913), 95028 (1913), 95200 (1913), 95373 (1913), 95545 (1913), 95718 (1913), 95890 (1913), 96063 (1913), 96235 (1913), 96408 (1913), 96580 (1913), 96753 (1913), 96925 (1913), 97098 (1913), 97270 (1913), 97443 (1913), 97615 (1913), 97788 (1913), 97960 (1913), 98133 (1913), 98305 (1913), 98478 (1913), 98650 (1913), 98823 (1913), 98995 (1913), 99168 (1913), 99340 (1913), 99513 (1913), 99685 (1913), 99858 (1913), 100030 (1913), 100203 (1913), 100375 (1913), 100548 (1913), 100720 (1913), 100893 (1913), 101065 (1913), 101238 (1913), 101410 (1913), 101583 (1913), 101755 (1913), 101928 (1913), 102100 (1913), 102273 (1913), 102445 (1913), 102618 (1913), 102790 (1913), 102963 (1913), 103135 (1913), 103308 (1913), 103480 (1913), 103653 (1913), 103825 (1913), 103998 (1913), 104170 (1913), 104343 (1913), 104515 (1913), 104688 (1913), 104860 (1913), 105033 (1913), 105205 (1913), 105378 (1913), 105550 (1913), 105723 (1913), 105895 (1913), 106068 (1913), 106240 (1913), 106413 (1913), 106585 (1913), 106758 (1913), 106930 (1913), 107103 (1913), 107275 (1913), 107448 (1913), 107620 (1913), 107793 (1913), 107965 (1913), 108138 (1913), 108310 (1913), 108483 (1913), 108655 (1913), 108828 (1913), 109000 (1913), 109173 (1913), 109345 (1913), 109518 (1913), 109690 (1913), 109863 (1913), 110035 (1913), 110208 (1913), 110380 (1913), 110553 (1913), 110725 (1913), 110898 (1913), 111070 (1913), 111243 (1913), 111415 (1913), 111588 (1913), 111760 (1913), 111933 (1913), 112105 (1913), 112278 (1913), 112450 (1913), 112623 (1913), 112795 (1913), 112968 (1913), 113140 (1913), 113313 (1913), 113485 (1913), 113658 (1913), 113830 (1913), 114003 (1913), 114175 (1913), 114348 (1913), 114520 (1913), 114693 (1913), 114865 (1913), 115038 (1913), 115210 (1913), 115383 (1913), 115555 (1913), 115728 (1913), 115900 (1913), 116073 (1913), 116245 (1913), 116418 (1913).

à 625 Rub. Metall. No.No. 146—150 (1913), 681—685 (1913), 1001—1005 (1912), 1671—1675 (1913), 1956—1960 (1912), 2356—2360 (1913), 3401—3405 (1913), 3831—3835 (1912), 4271—4275 (1913), 4941—4945 (1913), 5401—5405 (1911), 5941—5945 (1913), 6491—6495 (1913), 7021—7025 (1913), 7556—7560 (1913), 8131—8135 (1913), 8851—8855 (1906), 9421—9425 (1913), 10016—10020 (1912), 11531—11535 (1913), 13571—13575 (1913), 15811—15815 (1913), 17711—17715 (1913), 19741—19745 (1913), 21781—21785 (1913), 23141—23145 (1913), 24981—24985 (1913), 26761—26765 (1913), 28351—28355 (1913), 30016—30020 (1913), 31831—31835 (1913), 33776—33780 (1913), 35011—35015 (1913), 36611—36615 (1913), 38206—38210 (1913), 38841—38845 (1913), 38966—38970 (1913), 40231—40235 (1913).
